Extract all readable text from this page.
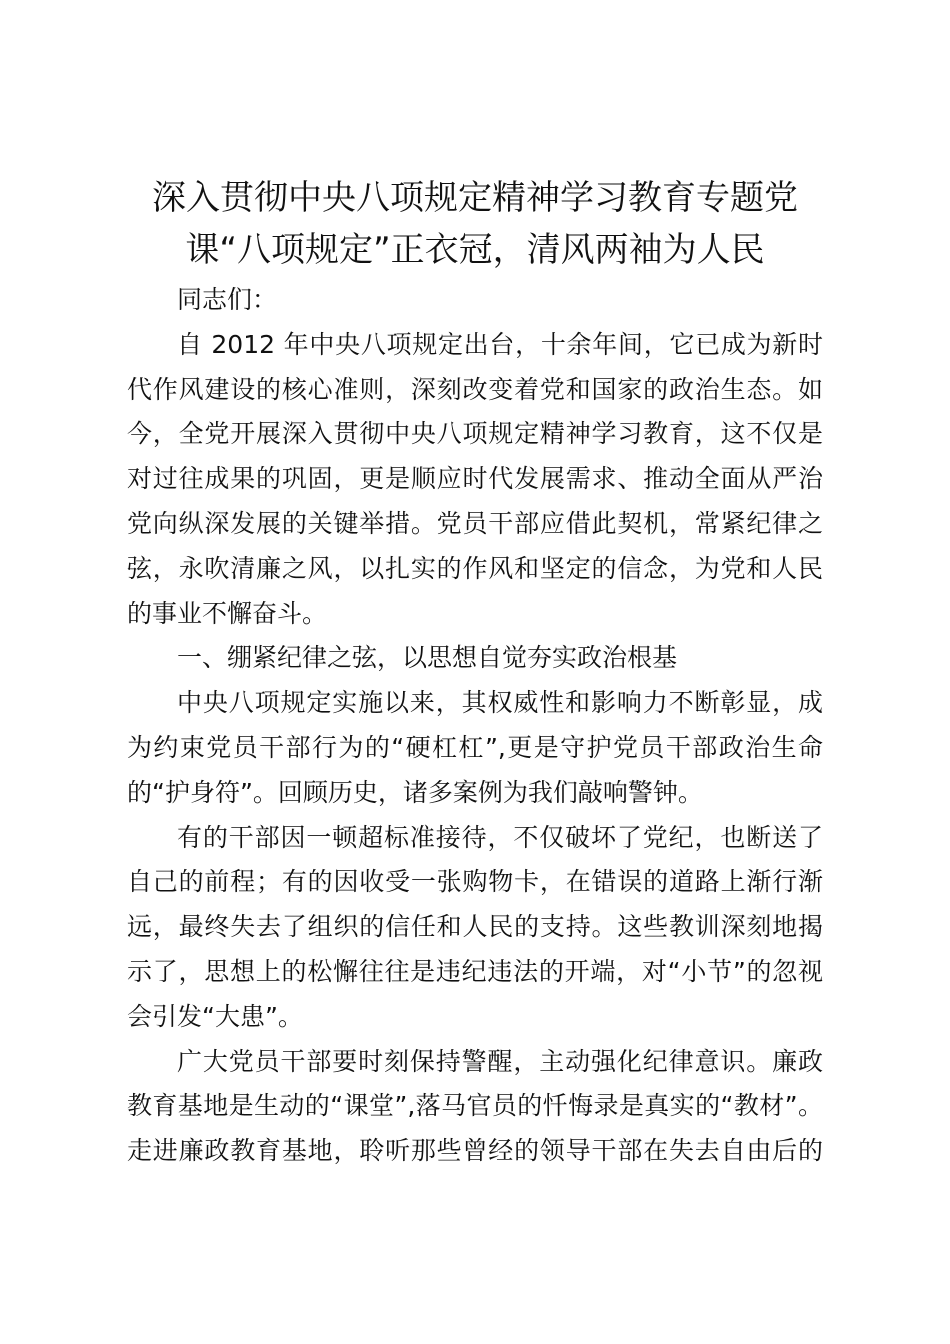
深入贯彻中央八项规定精神学习教育专题党
课“八项规定”正衣冠，清风两袖为人民
同志们：
自 2012 年中央八项规定出台，十余年间，它已成为新时
代作风建设的核心准则，深刻改变着党和国家的政治生态。如
今，全党开展深入贯彻中央八项规定精神学习教育，这不仅是
对过往成果的巩固，更是顺应时代发展需求、推动全面从严治
党向纵深发展的关键举措。党员干部应借此契机，常紧纪律之
弦，永吹清廉之风，以扎实的作风和坚定的信念，为党和人民
的事业不懈奋斗。
一、绷紧纪律之弦，以思想自觉夯实政治根基
中央八项规定实施以来，其权威性和影响力不断彰显，成
为约束党员干部行为的“硬杠杠”,更是守护党员干部政治生命
的“护身符”。回顾历史，诸多案例为我们敲响警钟。
有的干部因一顿超标准接待，不仅破坏了党纪，也断送了
自己的前程；有的因收受一张购物卡，在错误的道路上渐行渐
远，最终失去了组织的信任和人民的支持。这些教训深刻地揭
示了，思想上的松懈往往是违纪违法的开端，对“小节”的忽视
会引发“大患”。
广大党员干部要时刻保持警醒，主动强化纪律意识。廉政
教育基地是生动的“课堂”,落马官员的忏悔录是真实的“教材”。
走进廉政教育基地，聆听那些曾经的领导干部在失去自由后的
